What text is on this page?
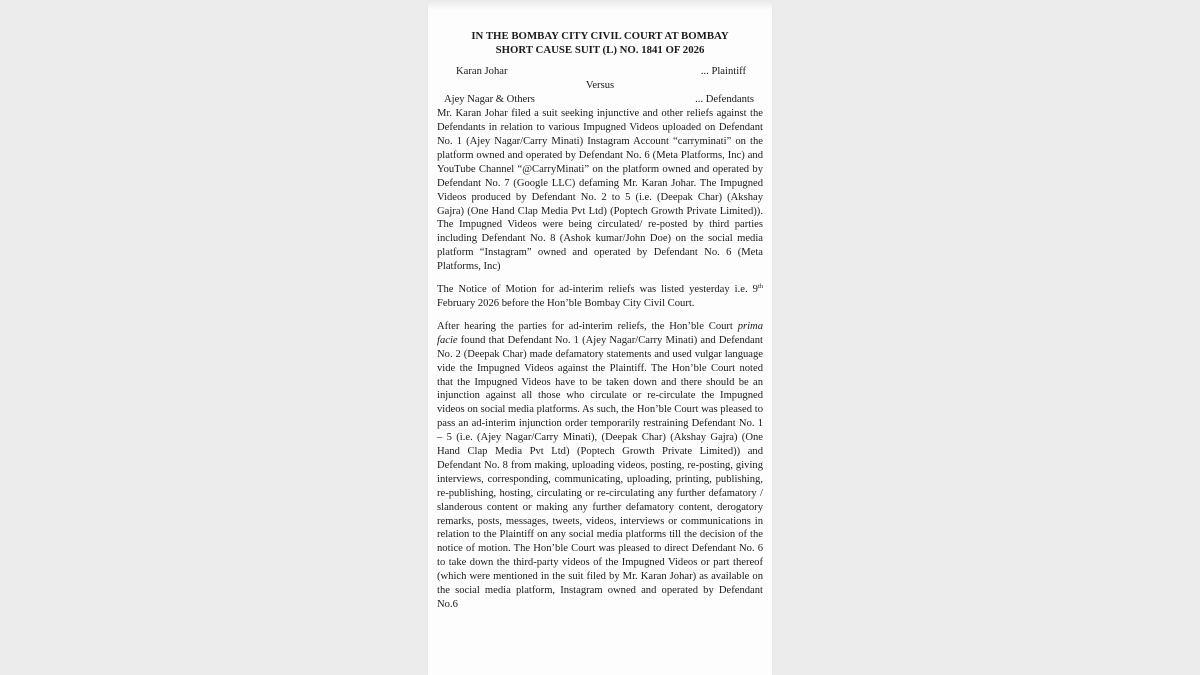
IN THE BOMBAY CITY CIVIL COURT AT BOMBAY

SHORT CAUSE SUIT (L) NO. 1841 OF 2026

Karan Johar	... Plaintiff
Versus
Ajey Nagar & Others	... Defendants

Mr. Karan Johar filed a suit seeking injunctive and other reliefs against the Defendants in relation to various Impugned Videos uploaded on Defendant No. 1 (Ajey Nagar/Carry Minati) Instagram Account “carryminati” on the platform owned and operated by Defendant No. 6 (Meta Platforms, Inc) and YouTube Channel “@CarryMinati” on the platform owned and operated by Defendant No. 7 (Google LLC) defaming Mr. Karan Johar. The Impugned Videos produced by Defendant No. 2 to 5 (i.e. (Deepak Char) (Akshay Gajra) (One Hand Clap Media Pvt Ltd) (Poptech Growth Private Limited)). The Impugned Videos were being circulated/ re-posted by third parties including Defendant No. 8 (Ashok kumar/John Doe) on the social media platform “Instagram” owned and operated by Defendant No. 6 (Meta Platforms, Inc)

The Notice of Motion for ad-interim reliefs was listed yesterday i.e. 9th February 2026 before the Hon’ble Bombay City Civil Court.

After hearing the parties for ad-interim reliefs, the Hon’ble Court prima facie found that Defendant No. 1 (Ajey Nagar/Carry Minati) and Defendant No. 2 (Deepak Char) made defamatory statements and used vulgar language vide the Impugned Videos against the Plaintiff. The Hon’ble Court noted that the Impugned Videos have to be taken down and there should be an injunction against all those who circulate or re-circulate the Impugned videos on social media platforms. As such, the Hon’ble Court was pleased to pass an ad-interim injunction order temporarily restraining Defendant No. 1 – 5 (i.e. (Ajey Nagar/Carry Minati), (Deepak Char) (Akshay Gajra) (One Hand Clap Media Pvt Ltd) (Poptech Growth Private Limited)) and Defendant No. 8 from making, uploading videos, posting, re-posting, giving interviews, corresponding, communicating, uploading, printing, publishing, re-publishing, hosting, circulating or re-circulating any further defamatory / slanderous content or making any further defamatory content, derogatory remarks, posts, messages, tweets, videos, interviews or communications in relation to the Plaintiff on any social media platforms till the decision of the notice of motion. The Hon’ble Court was pleased to direct Defendant No. 6 to take down the third-party videos of the Impugned Videos or part thereof (which were mentioned in the suit filed by Mr. Karan Johar) as available on the social media platform, Instagram owned and operated by Defendant No.6
